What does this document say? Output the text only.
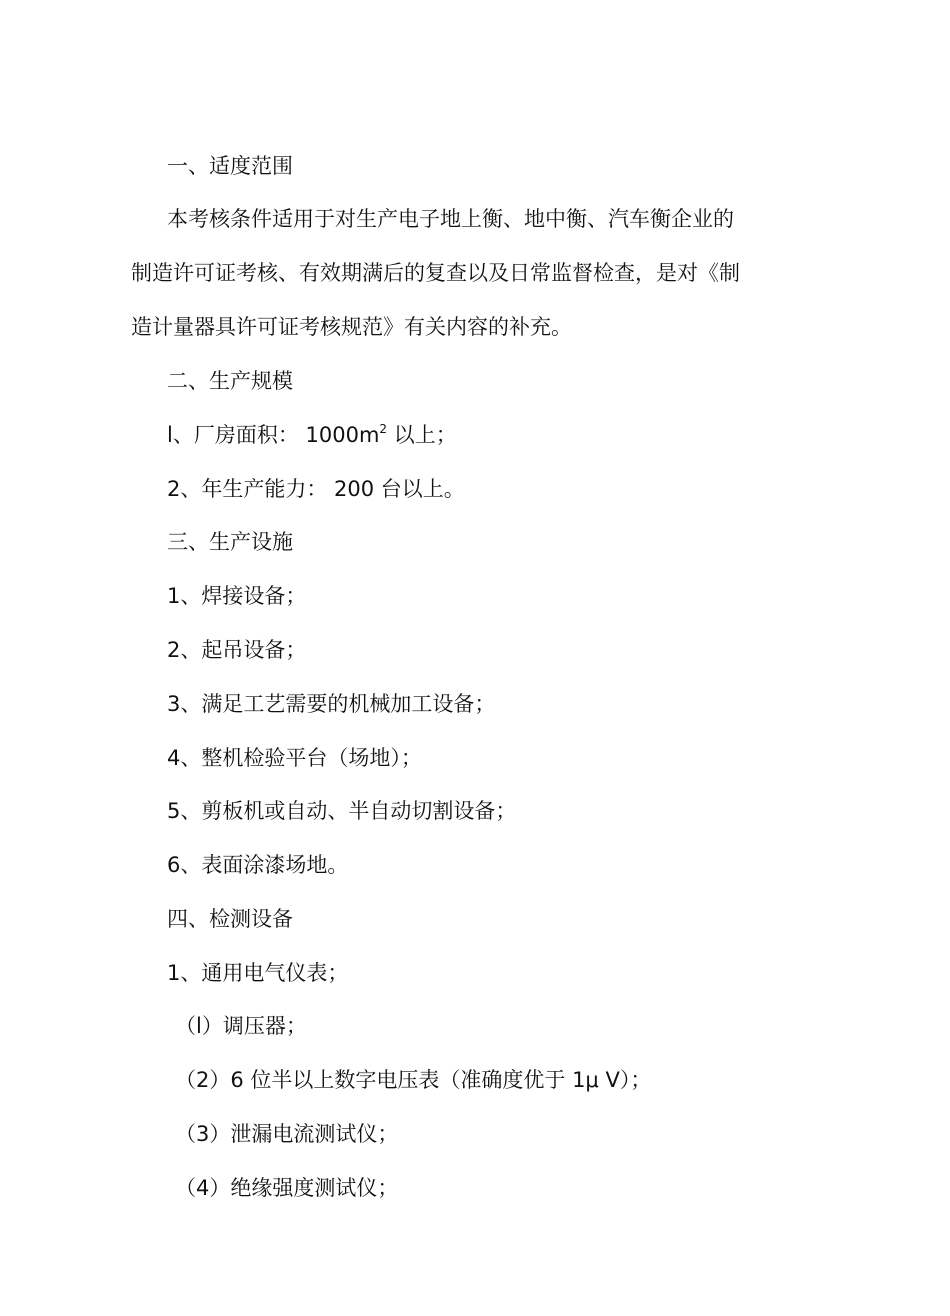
一、适度范围
本考核条件适用于对生产电子地上衡、地中衡、汽车衡企业的
制造许可证考核、有效期满后的复查以及日常监督检查，是对《制
造计量器具许可证考核规范》有关内容的补充。
二、生产规模
l、厂房面积： $1000m^2$ 以上；
2、年生产能力： 200 台以上。
三、生产设施
1、焊接设备；
2、起吊设备；
3、满足工艺需要的机械加工设备；
4、整机检验平台（场地）；
5、剪板机或自动、半自动切割设备；
6、表面涂漆场地。
四、检测设备
1、通用电气仪表；
（l）调压器；
（2）6 位半以上数字电压表（准确度优于 1μ V）；
（3）泄漏电流测试仪；
（4）绝缘强度测试仪；
